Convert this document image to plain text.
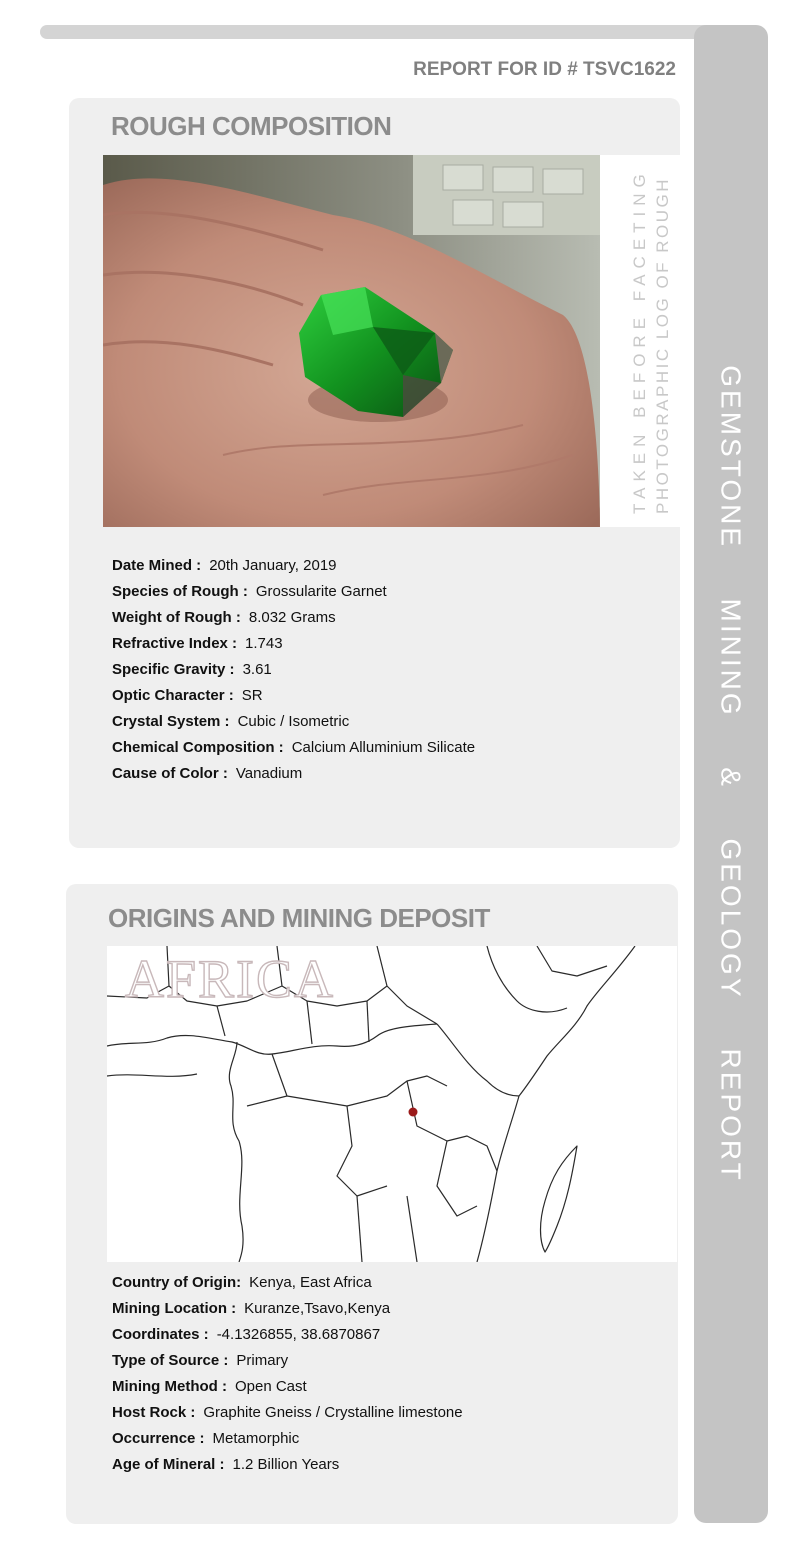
GEMSTONE  MINING  &  GEOLOGY  REPORT
REPORT FOR ID # TSVC1622
ROUGH COMPOSITION
PHOTOGRAPHIC LOG OF ROUGH
TAKEN BEFORE FACETING
Date Mined : 20th January, 2019
Species of Rough : Grossularite Garnet
Weight of Rough : 8.032 Grams
Refractive Index : 1.743
Specific Gravity : 3.61
Optic Character : SR
Crystal System : Cubic / Isometric
Chemical Composition : Calcium Alluminium Silicate
Cause of Color : Vanadium
ORIGINS AND MINING DEPOSIT
AFRICA
Country of Origin: Kenya, East Africa
Mining Location : Kuranze,Tsavo,Kenya
Coordinates : -4.1326855, 38.6870867
Type of Source : Primary
Mining Method : Open Cast
Host Rock : Graphite Gneiss / Crystalline limestone
Occurrence : Metamorphic
Age of Mineral : 1.2 Billion Years
